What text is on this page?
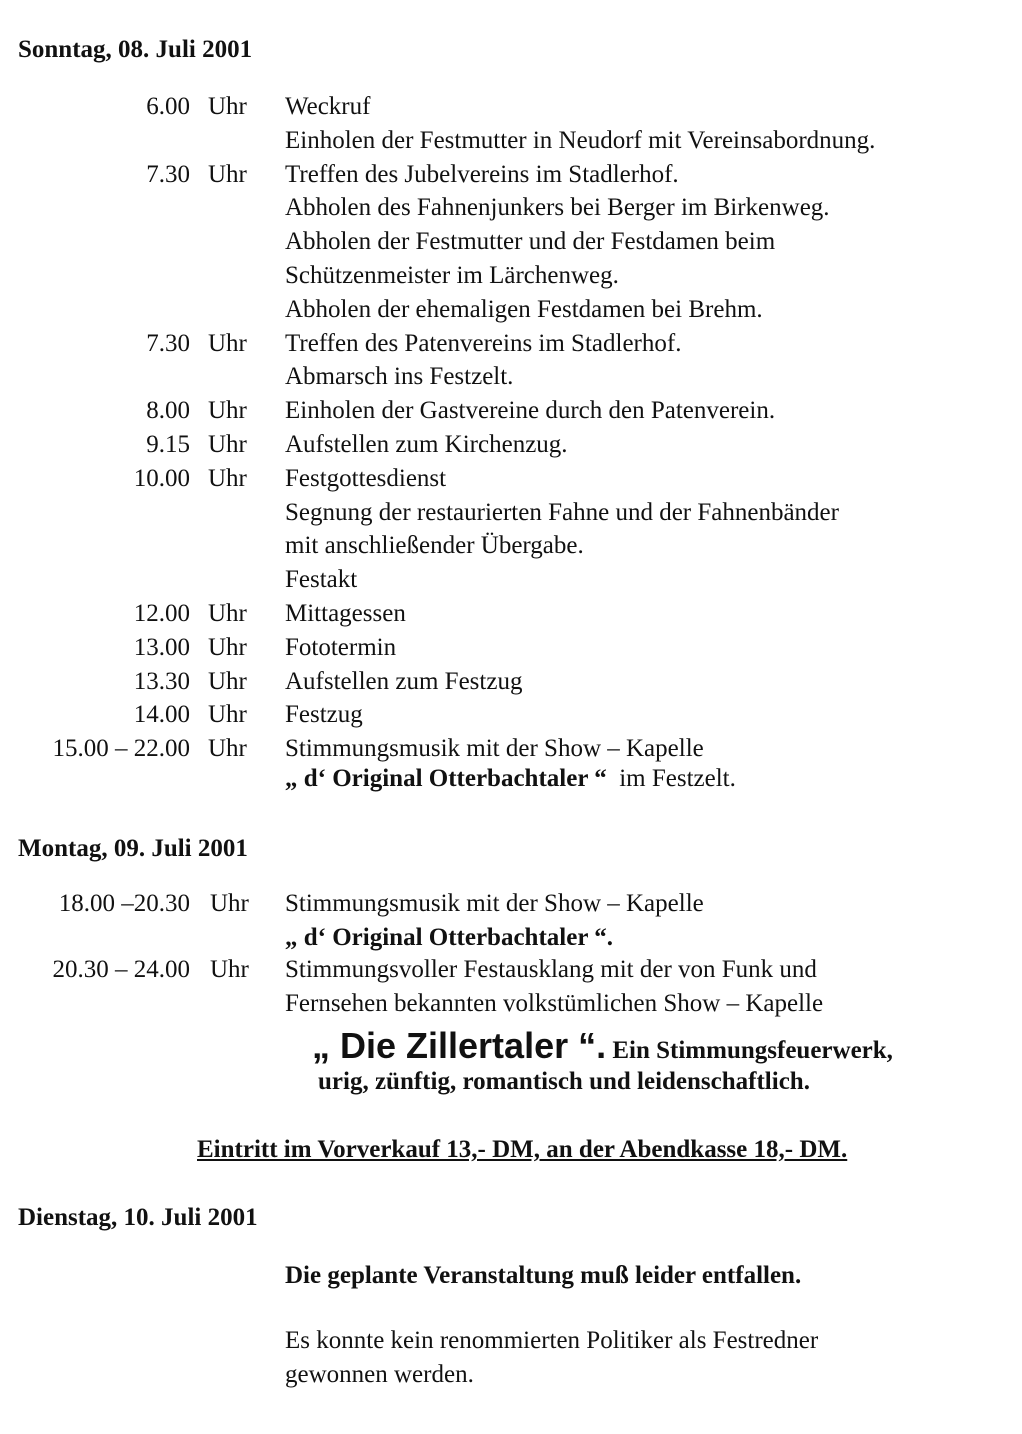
Sonntag, 08. Juli 2001
6.00 Uhr Weckruf
Einholen der Festmutter in Neudorf mit Vereinsabordnung.
7.30 Uhr Treffen des Jubelvereins im Stadlerhof.
Abholen des Fahnenjunkers bei Berger im Birkenweg.
Abholen der Festmutter und der Festdamen beim
Schützenmeister im Lärchenweg.
Abholen der ehemaligen Festdamen bei Brehm.
7.30 Uhr Treffen des Patenvereins im Stadlerhof.
Abmarsch ins Festzelt.
8.00 Uhr Einholen der Gastvereine durch den Patenverein.
9.15 Uhr Aufstellen zum Kirchenzug.
10.00 Uhr Festgottesdienst
Segnung der restaurierten Fahne und der Fahnenbänder
mit anschließender Übergabe.
Festakt
12.00 Uhr Mittagessen
13.00 Uhr Fototermin
13.30 Uhr Aufstellen zum Festzug
14.00 Uhr Festzug
15.00 – 22.00 Uhr Stimmungsmusik mit der Show – Kapelle
„ d‘ Original Otterbachtaler “  im Festzelt.
Montag, 09. Juli 2001
18.00 –20.30 Uhr Stimmungsmusik mit der Show – Kapelle
„ d‘ Original Otterbachtaler “.
20.30 – 24.00 Uhr Stimmungsvoller Festausklang mit der von Funk und
Fernsehen bekannten volkstümlichen Show – Kapelle
„ Die Zillertaler “. Ein Stimmungsfeuerwerk,
urig, zünftig, romantisch und leidenschaftlich.
Eintritt im Vorverkauf 13,- DM, an der Abendkasse 18,- DM.
Dienstag, 10. Juli 2001
Die geplante Veranstaltung muß leider entfallen.
Es konnte kein renommierten Politiker als Festredner
gewonnen werden.
